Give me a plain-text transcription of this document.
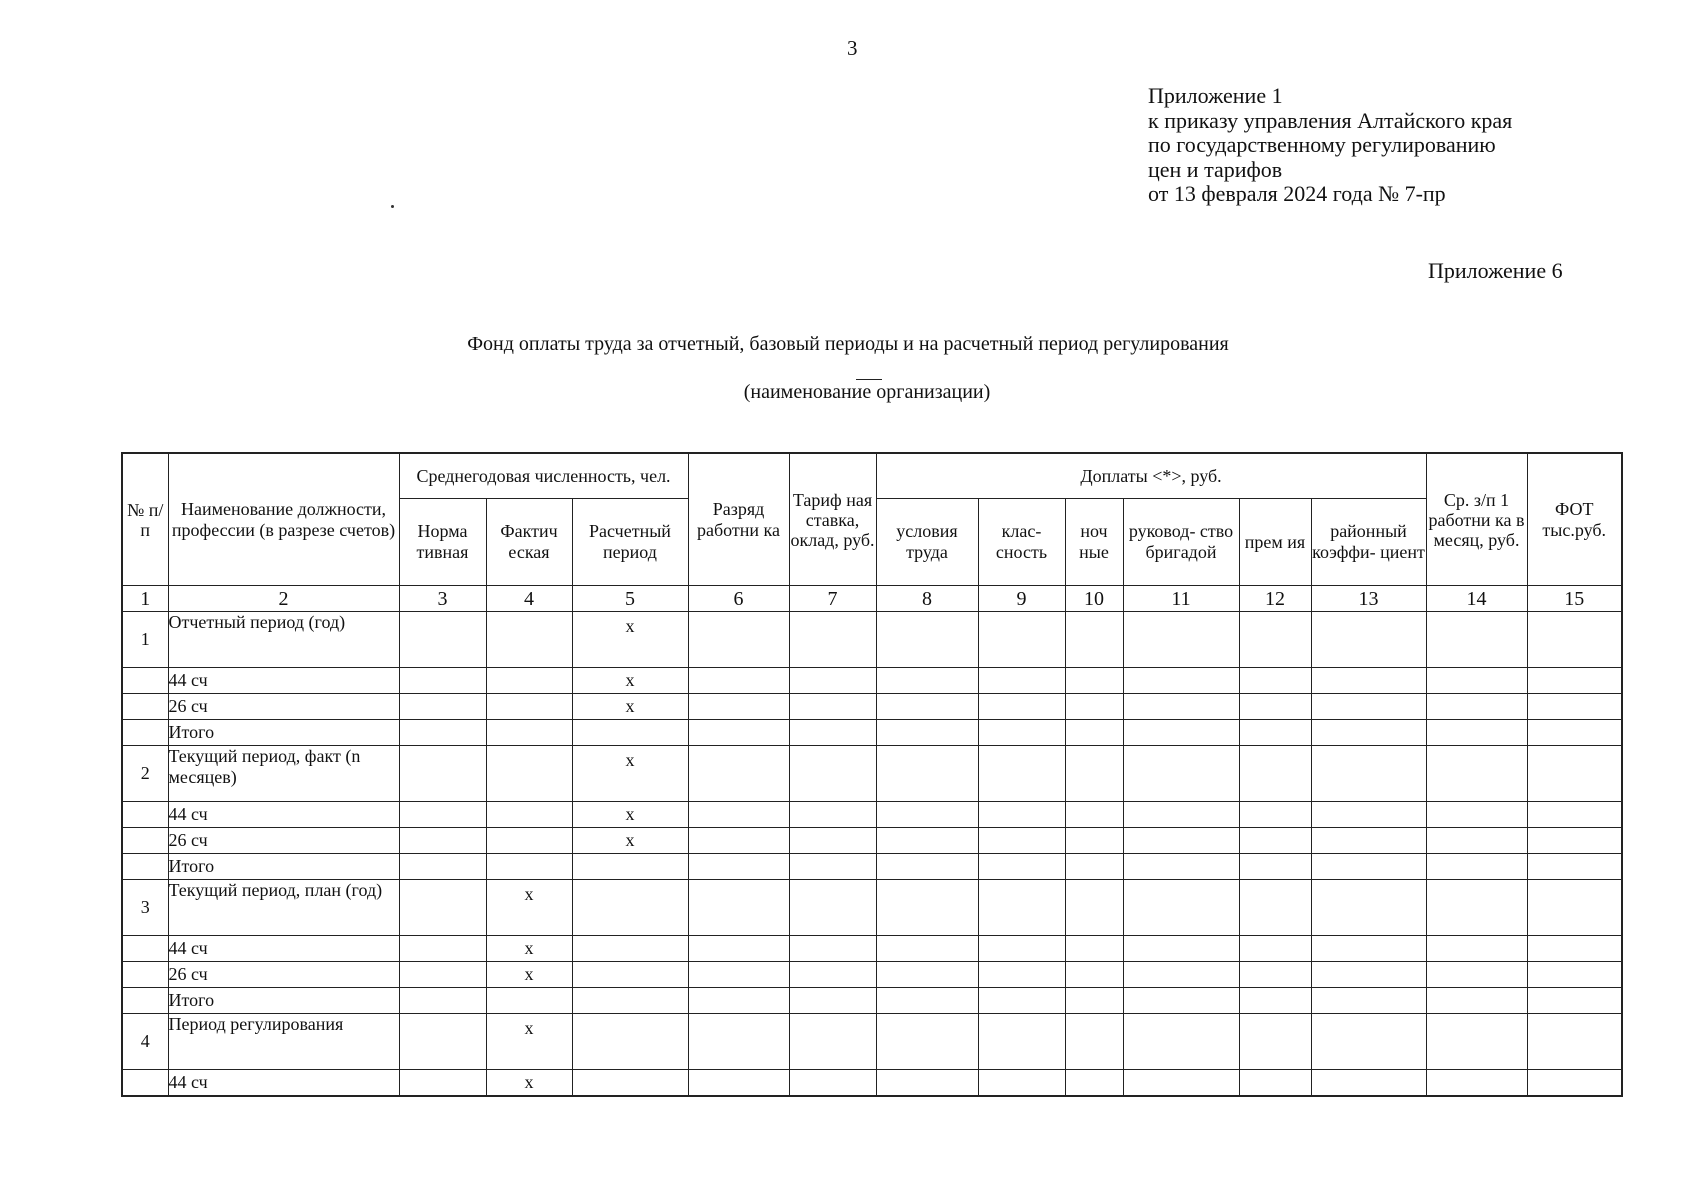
3
Приложение 1
к приказу управления Алтайского края
по государственному регулированию
цен и тарифов
от 13 февраля 2024 года № 7-пр
Приложение 6
Фонд оплаты труда за отчетный, базовый периоды и на расчетный период регулирования
(наименование организации)
№ п/ п	Наименование должности, профессии (в разрезе счетов)	Среднегодовая численность, чел.			Разряд работни ка	Тариф ная ставка, оклад, руб.	Доплаты <*>, руб.						Ср. з/п 1 работни ка в месяц, руб.	ФОТ тыс.руб.
		Норма тивная	Фактич еская	Расчетный период			условия труда	клас- сность	ноч ные	руковод- ство бригадой	прем ия	районный коэффи- циент		
1	2	3	4	5	6	7	8	9	10	11	12	13	14	15
1	Отчетный период (год)			х										
	44 сч			х										
	26 сч			х										
	Итого													
2	Текущий период, факт (n месяцев)			х										
	44 сч			х										
	26 сч			х										
	Итого													
3	Текущий период, план (год)		х											
	44 сч		х											
	26 сч		х											
	Итого													
4	Период регулирования		х											
	44 сч		х											
